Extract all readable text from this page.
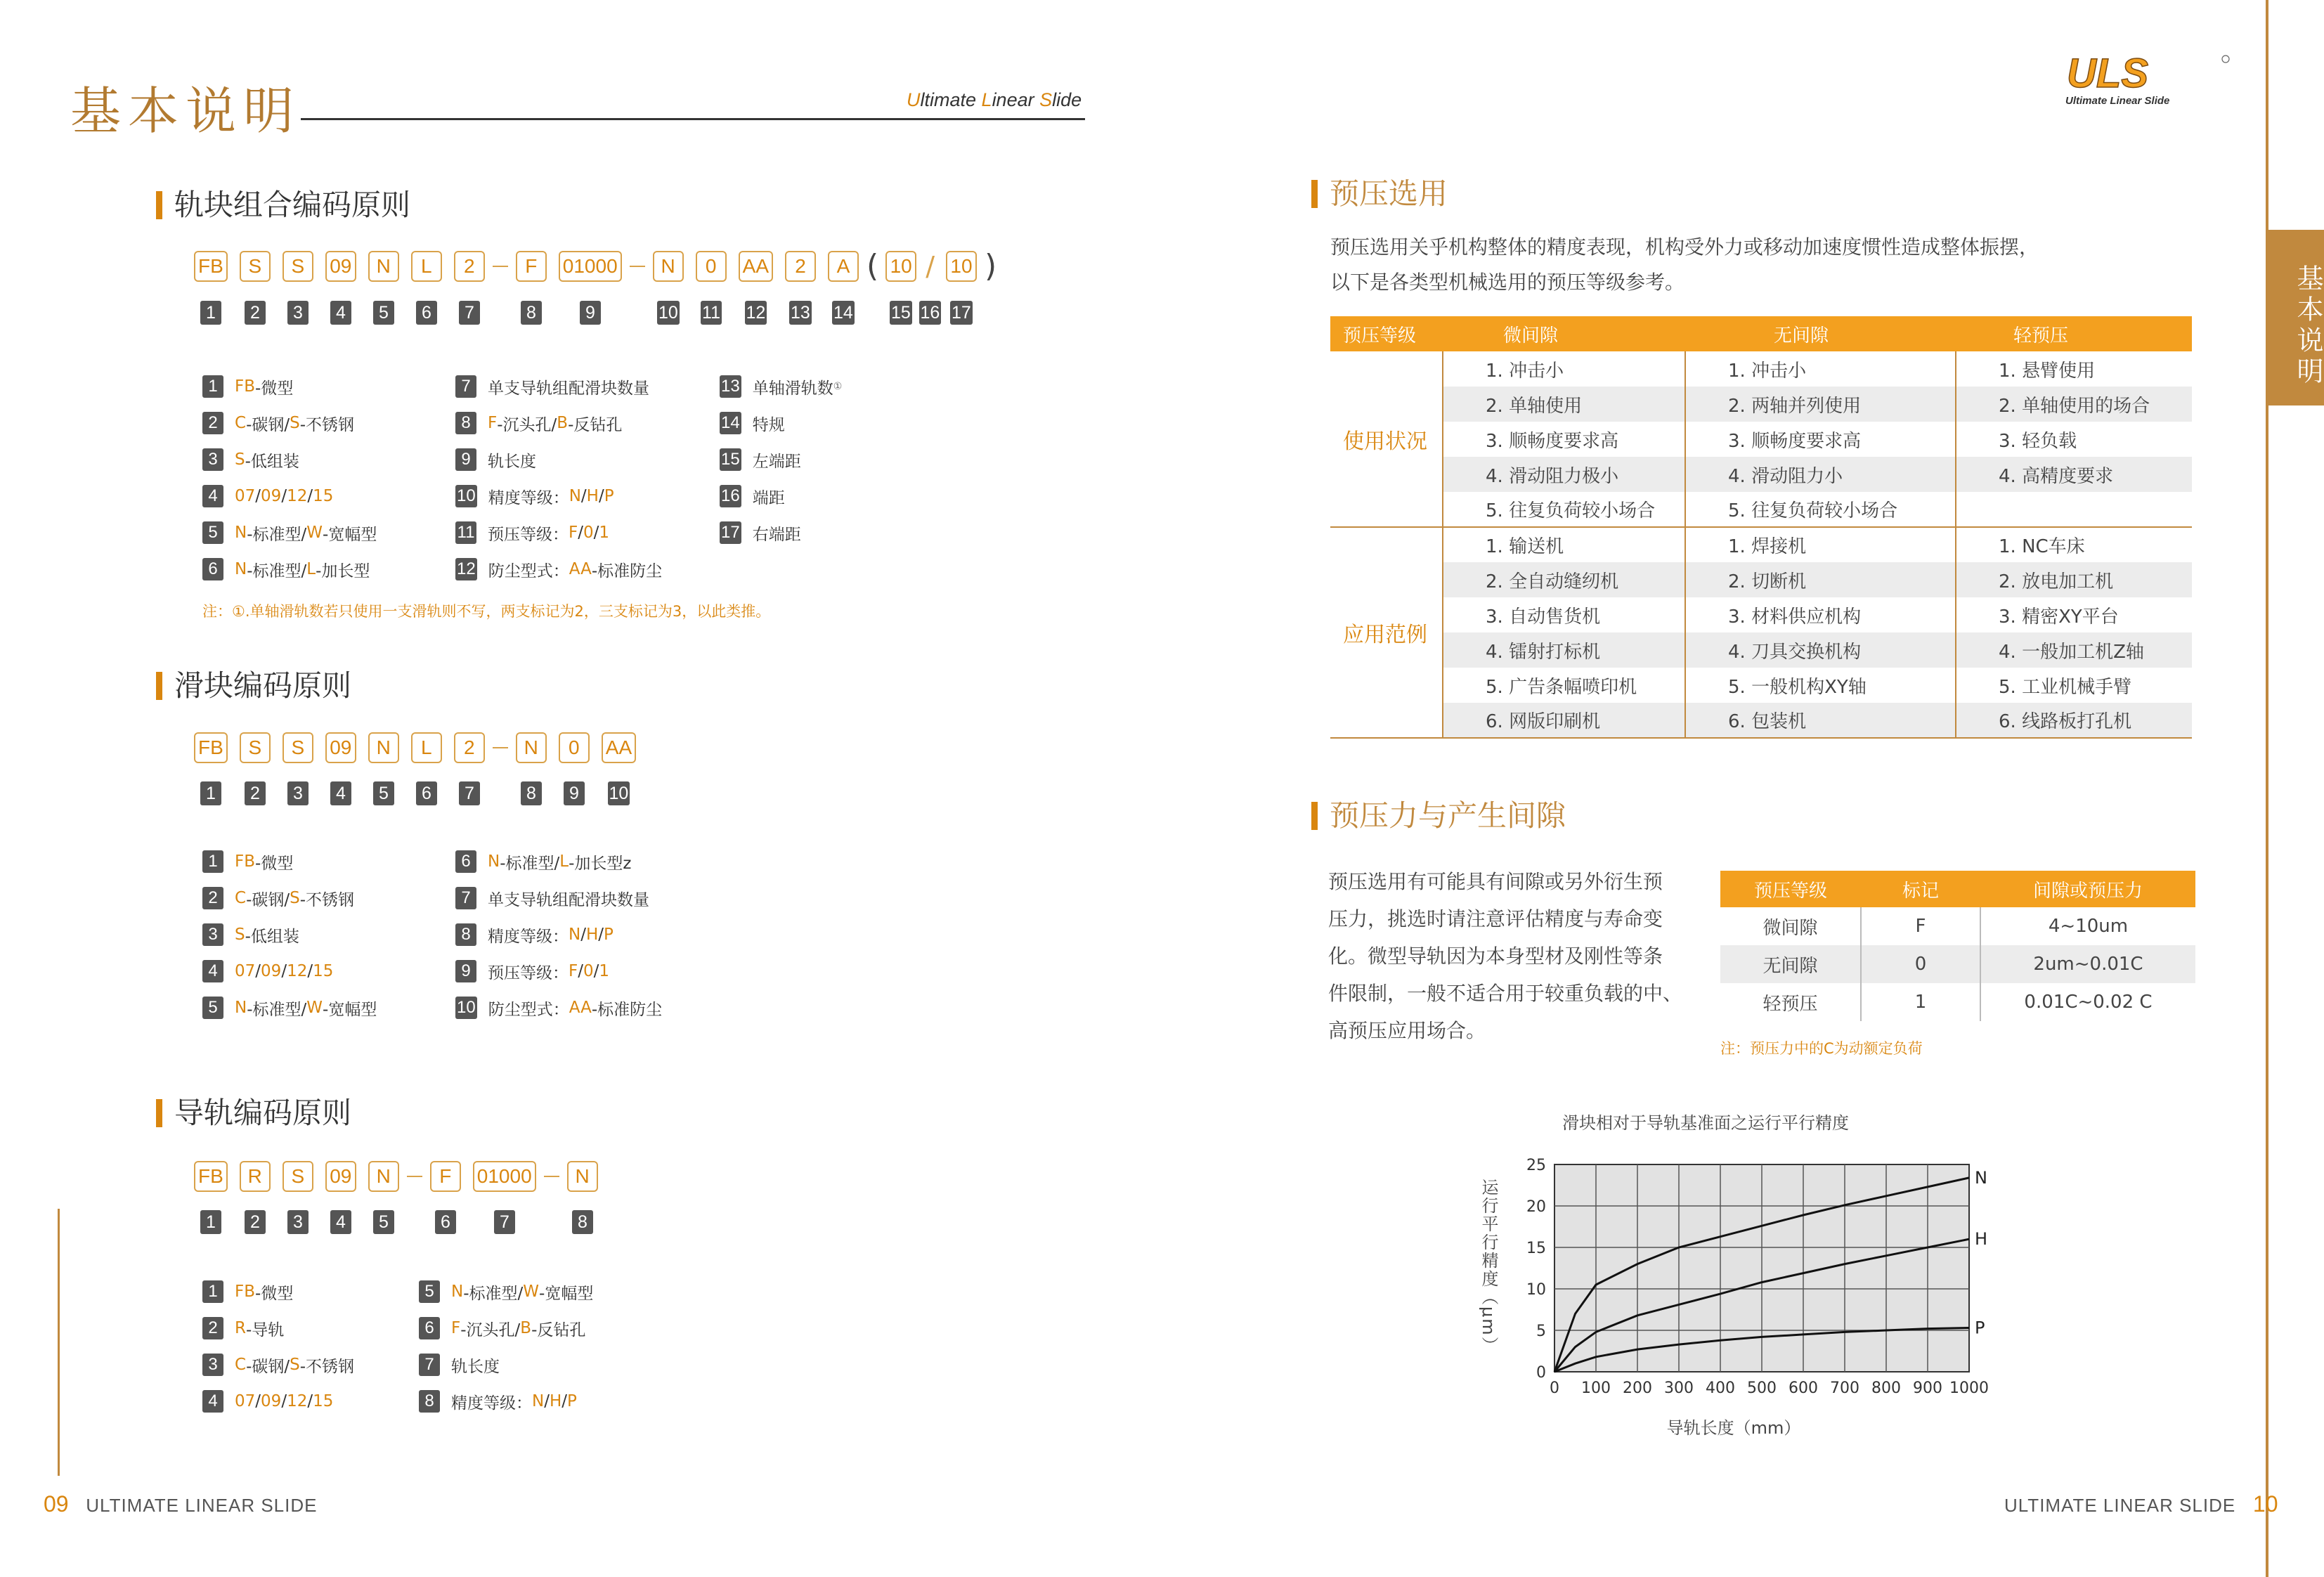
基本说明	Ultimate Linear Slide
ULS
Ultimate Linear Slide
基本说明
09 ULTIMATE LINEAR SLIDE	ULTIMATE LINEAR SLIDE 10
轨块组合编码原则
FB	S	S	09	N	L	2	F	01000	N	0	AA	2	A ( 10 / 10 )
1	2	3	4	5	6	7	8	9	10 11 12 13 14 15 16 17
1	FB -微型
2	C -碳钢/ S -不锈钢
3	S -低组装
4	07 / 09 / 12 / 15
5	N -标准型/ W -宽幅型
6	N -标准型/ L -加长型
7	单支导轨组配滑块数量
8	F -沉头孔/ B -反钻孔
9	轨长度
10 精度等级： N / H / P
11 预压等级： F / 0 / 1
12 防尘型式： AA -标准防尘
13 单轴滑轨数 ①
14 特规
15 左端距
16 端距
17 右端距
注：①.单轴滑轨数若只使用一支滑轨则不写，两支标记为2，三支标记为3，以此类推。
滑块编码原则
FB	S	S	09	N	L	2	N	0	AA
1	2	3	4	5	6	7	8	9	10
1	FB -微型
2	C -碳钢/ S -不锈钢
3	S -低组装
4	07 / 09 / 12 / 15
5	N -标准型/ W -宽幅型
6	N -标准型/ L -加长型z
7	单支导轨组配滑块数量
8	精度等级： N / H / P
9	预压等级： F / 0 / 1
10 防尘型式： AA -标准防尘
导轨编码原则
FB	R	S	09	N	F	01000	N
1	2	3	4	5	6	7	8
1	FB -微型
2	R -导轨
3	C -碳钢/ S -不锈钢
4	07 / 09 / 12 / 15
5	N -标准型/ W -宽幅型
6	F -沉头孔/ B -反钻孔
7	轨长度
8	精度等级： N / H / P
预压选用
预压选用关乎机构整体的精度表现，机构受外力或移动加速度惯性造成整体振摆，
以下是各类型机械选用的预压等级参考。
预压等级	微间隙	无间隙	轻预压
使用状况	1. 冲击小	1. 冲击小	1. 悬臂使用
	2. 单轴使用	2. 两轴并列使用	2. 单轴使用的场合
	3. 顺畅度要求高	3. 顺畅度要求高	3. 轻负载
	4. 滑动阻力极小	4. 滑动阻力小	4. 高精度要求
	5. 往复负荷较小场合	5. 往复负荷较小场合	
应用范例	1. 输送机	1. 焊接机	1. NC车床
	2. 全自动缝纫机	2. 切断机	2. 放电加工机
	3. 自动售货机	3. 材料供应机构	3. 精密XY平台
	4. 镭射打标机	4. 刀具交换机构	4. 一般加工机Z轴
	5. 广告条幅喷印机	5. 一般机构XY轴	5. 工业机械手臂
	6. 网版印刷机	6. 包装机	6. 线路板打孔机
预压力与产生间隙
预压选用有可能具有间隙或另外衍生预
压力，挑选时请注意评估精度与寿命变
化。微型导轨因为本身型材及刚性等条
件限制，一般不适合用于较重负载的中、
高预压应用场合。
预压等级	标记	间隙或预压力
微间隙	F	4~10um
无间隙	0	2um~0.01C
轻预压	1	0.01C~0.02 C
注：预压力中的C为动额定负荷
滑块相对于导轨基准面之运行平行精度
0 100 200 300 400 500 600 700 800 900 1000
0
5
10
15
20
25
N
H
P
导轨长度（mm）
运行平行精度（μm）
